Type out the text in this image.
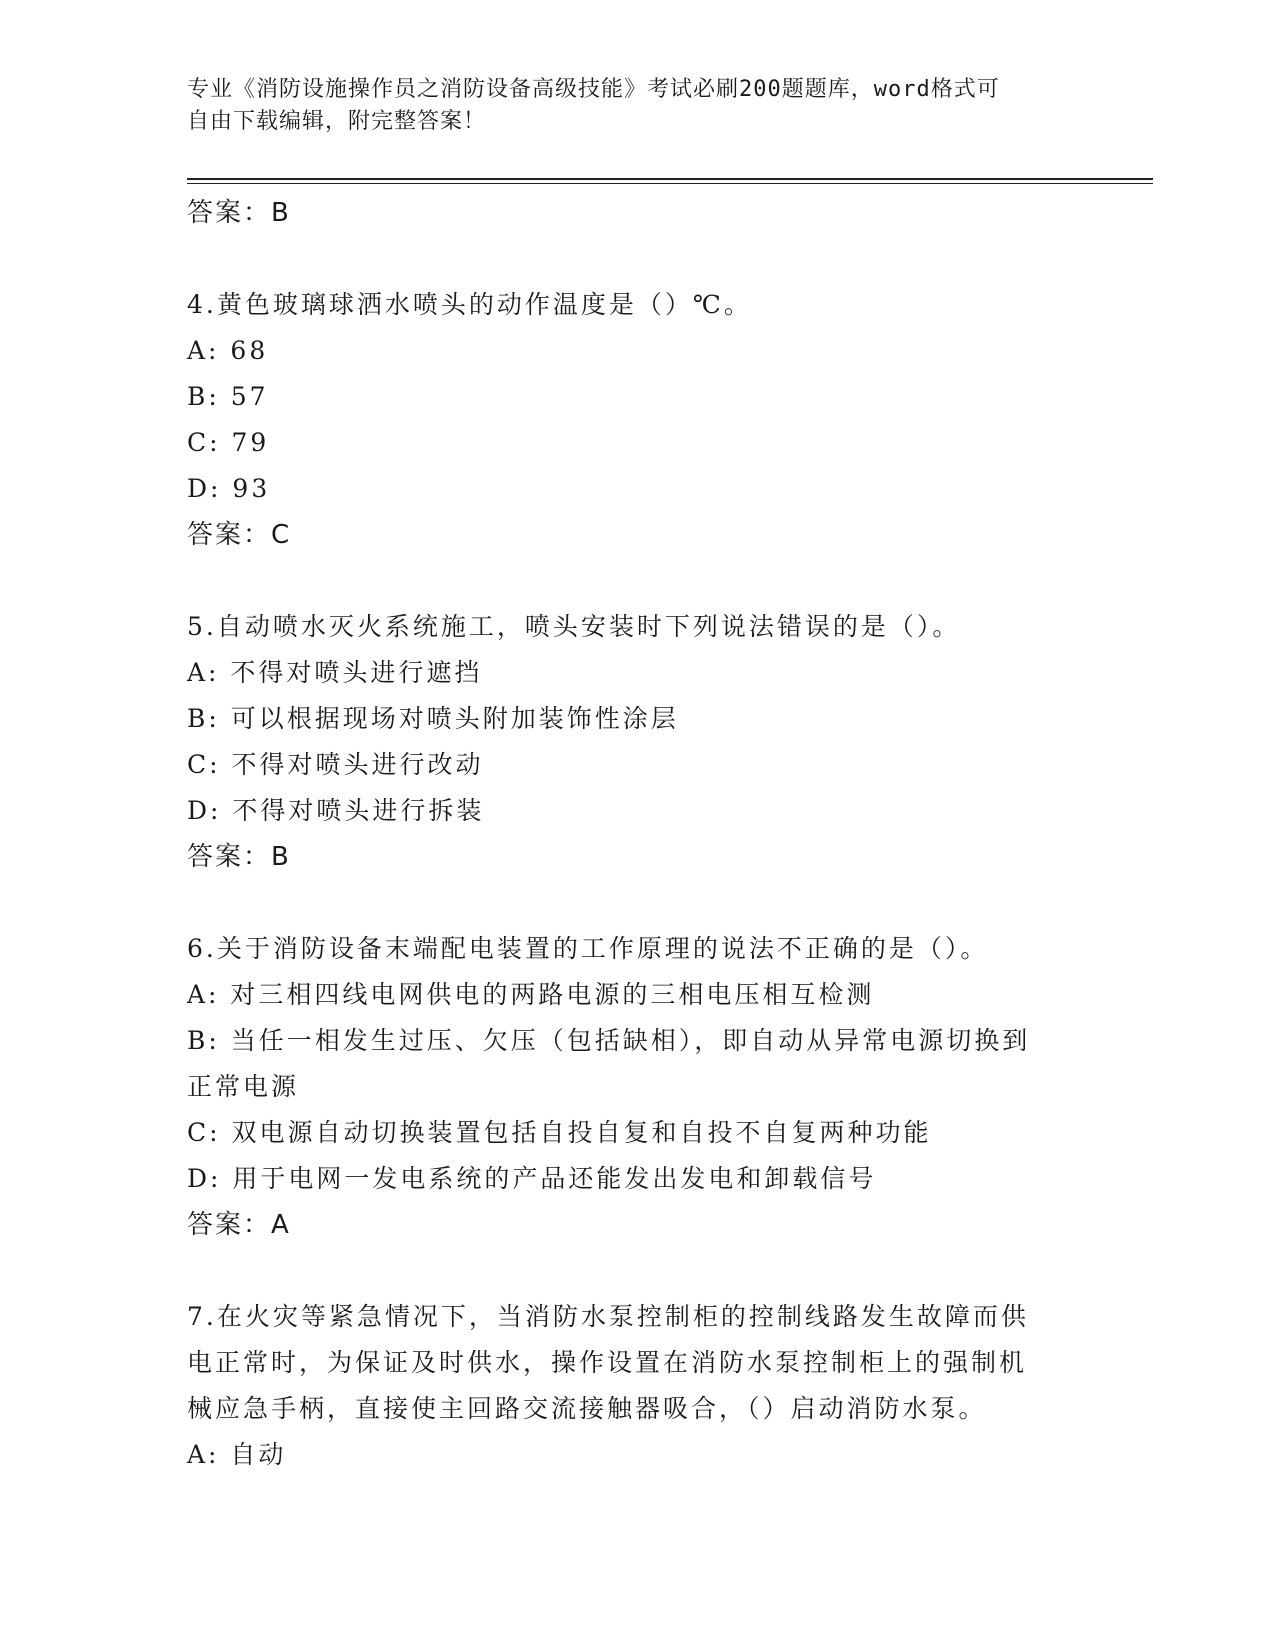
专业《消防设施操作员之消防设备高级技能》考试必刷200题题库，word格式可
自由下载编辑，附完整答案！
答案：B
4.黄色玻璃球洒水喷头的动作温度是（）℃。
A: 68
B: 57
C: 79
D: 93
答案：C
5.自动喷水灭火系统施工，喷头安装时下列说法错误的是（）。
A: 不得对喷头进行遮挡
B: 可以根据现场对喷头附加装饰性涂层
C: 不得对喷头进行改动
D: 不得对喷头进行拆装
答案：B
6.关于消防设备末端配电装置的工作原理的说法不正确的是（）。
A: 对三相四线电网供电的两路电源的三相电压相互检测
B: 当任一相发生过压、欠压（包括缺相），即自动从异常电源切换到
正常电源
C: 双电源自动切换装置包括自投自复和自投不自复两种功能
D: 用于电网一发电系统的产品还能发出发电和卸载信号
答案：A
7.在火灾等紧急情况下，当消防水泵控制柜的控制线路发生故障而供
电正常时，为保证及时供水，操作设置在消防水泵控制柜上的强制机
械应急手柄，直接使主回路交流接触器吸合，（）启动消防水泵。
A: 自动
